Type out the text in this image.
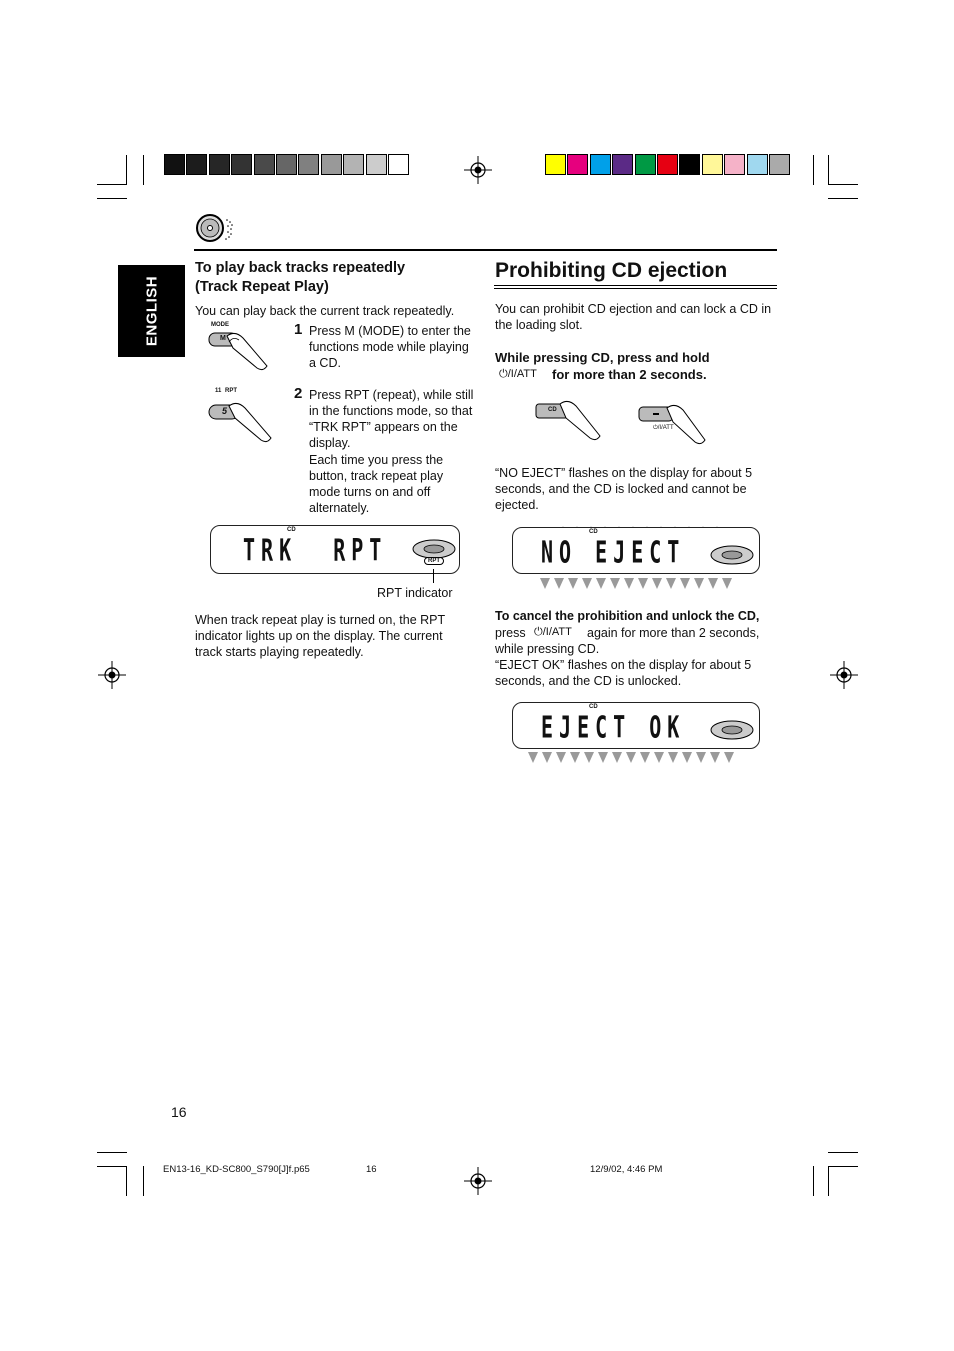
ENGLISH
To play back tracks repeatedly
(Track Repeat Play)
You can play back the current track repeatedly.
MODE
M
1 Press M (MODE) to enter the functions mode while playing a CD.
11 RPT
5
2 Press RPT (repeat), while still in the functions mode, so that “TRK RPT” appears on the display.
Each time you press the button, track repeat play mode turns on and off alternately.
CD
TRK  RPT	RPT
RPT indicator
When track repeat play is turned on, the RPT indicator lights up on the display. The current track starts playing repeatedly.
Prohibiting CD ejection
You can prohibit CD ejection and can lock a CD in the loading slot.
While pressing CD, press and hold
⏻/I/ATT for more than 2 seconds.
CD
⏻/I/ATT
“NO EJECT” flashes on the display for about 5 seconds, and the CD is locked and cannot be ejected.
CD
NO EJECT
To cancel the prohibition and unlock the CD,
press ⏻/I/ATT again for more than 2 seconds,
while pressing CD.
“EJECT OK” flashes on the display for about 5 seconds, and the CD is unlocked.
CD
EJECT OK
16
EN13-16_KD-SC800_S790[J]f.p65	16	12/9/02, 4:46 PM
